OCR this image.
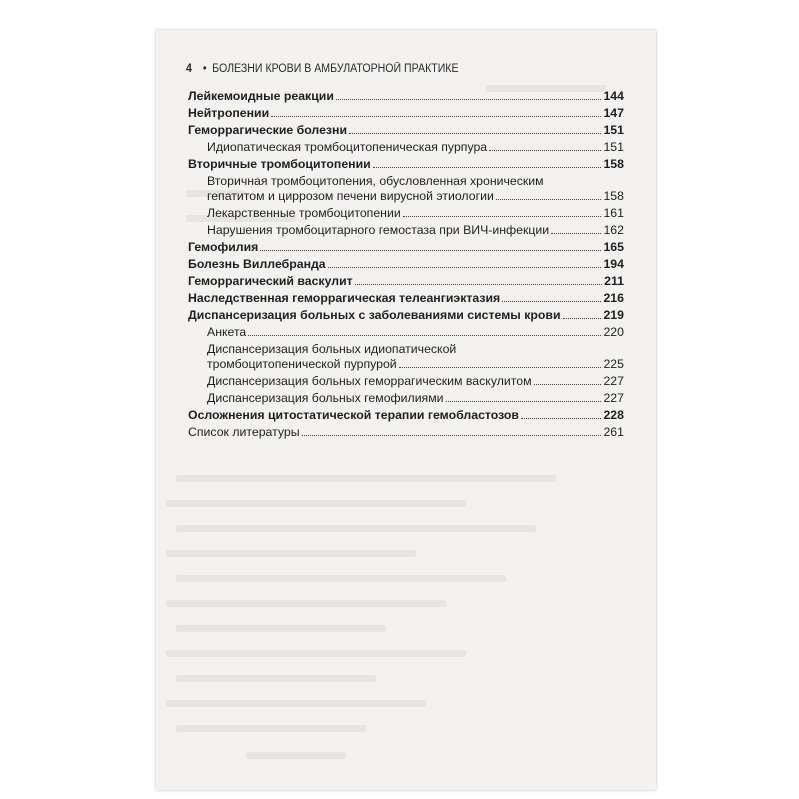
4 • БОЛЕЗНИ КРОВИ В АМБУЛАТОРНОЙ ПРАКТИКЕ
Лейкемоидные реакции	144
Нейтропении	147
Геморрагические болезни	151
Идиопатическая тромбоцитопеническая пурпура	151
Вторичные тромбоцитопении	158
Вторичная тромбоцитопения, обусловленная хроническим
гепатитом и циррозом печени вирусной этиологии	158
Лекарственные тромбоцитопении	161
Нарушения тромбоцитарного гемостаза при ВИЧ-инфекции	162
Гемофилия	165
Болезнь Виллебранда	194
Геморрагический васкулит	211
Наследственная геморрагическая телеангиэктазия	216
Диспансеризация больных с заболеваниями системы крови	219
Анкета	220
Диспансеризация больных идиопатической
тромбоцитопенической пурпурой	225
Диспансеризация больных геморрагическим васкулитом	227
Диспансеризация больных гемофилиями	227
Осложнения цитостатической терапии гемобластозов	228
Список литературы	261
